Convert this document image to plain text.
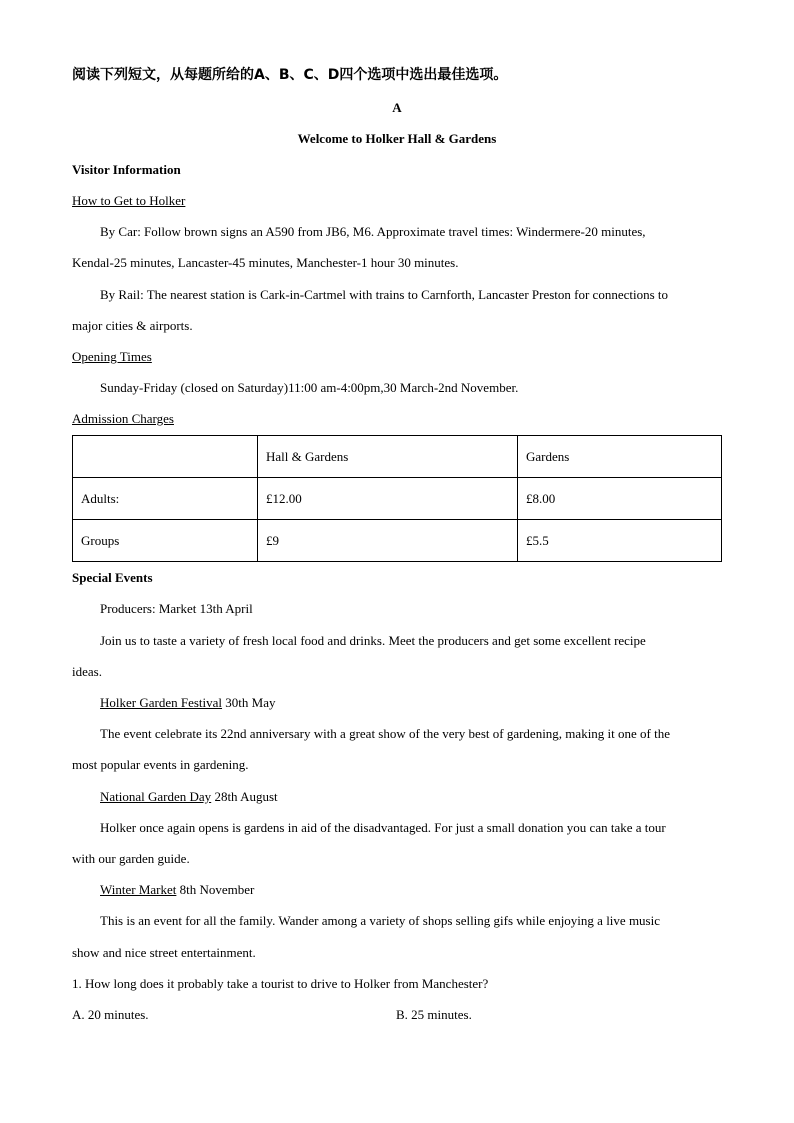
阅读下列短文，从每题所给的A、B、C、D四个选项中选出最佳选项。
A
Welcome to Holker Hall & Gardens
Visitor Information
How to Get to Holker
By Car: Follow brown signs an A590 from JB6, M6. Approximate travel times: Windermere-20 minutes,
Kendal-25 minutes, Lancaster-45 minutes, Manchester-1 hour 30 minutes.
By Rail: The nearest station is Cark-in-Cartmel with trains to Carnforth, Lancaster Preston for connections to
major cities & airports.
Opening Times
Sunday-Friday (closed on Saturday)11:00 am-4:00pm,30 March-2nd November.
Admission Charges
	Hall & Gardens	Gardens
Adults:	£12.00	£8.00
Groups	£9	£5.5
Special Events
Producers: Market 13th April
Join us to taste a variety of fresh local food and drinks. Meet the producers and get some excellent recipe
ideas.
Holker Garden Festival 30th May
The event celebrate its 22nd anniversary with a great show of the very best of gardening, making it one of the
most popular events in gardening.
National Garden Day 28th August
Holker once again opens is gardens in aid of the disadvantaged. For just a small donation you can take a tour
with our garden guide.
Winter Market 8th November
This is an event for all the family. Wander among a variety of shops selling gifs while enjoying a live music
show and nice street entertainment.
1. How long does it probably take a tourist to drive to Holker from Manchester?
A. 20 minutes.	B. 25 minutes.
